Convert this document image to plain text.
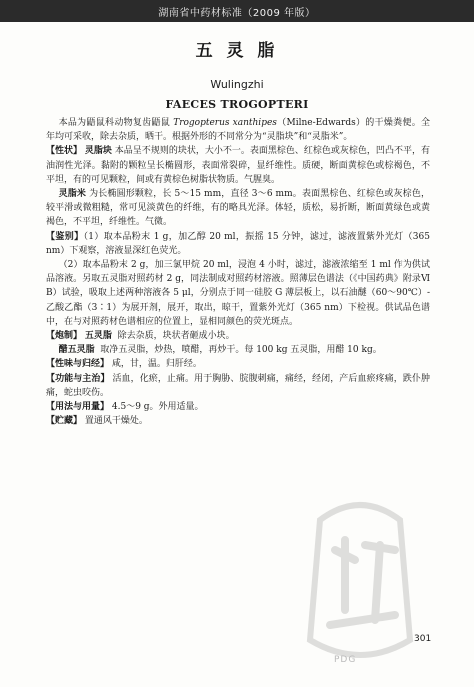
湖南省中药材标准（2009 年版）
五 灵 脂
Wulingzhi
FAECES TROGOPTERI

本品为鼯鼠科动物复齿鼯鼠 Trogopterus xanthipes（Milne-Edwards）的干燥粪便。全年均可采收，除去杂质，晒干。根据外形的不同常分为“灵脂块”和“灵脂米”。

【性状】 灵脂块 本品呈不规则的块状，大小不一。表面黑棕色、红棕色或灰棕色，凹凸不平，有油润性光泽。黏附的颗粒呈长椭圆形，表面常裂碎，显纤维性。质硬，断面黄棕色或棕褐色，不平坦，有的可见颗粒，间或有黄棕色树脂状物质。气腥臭。

灵脂米 为长椭圆形颗粒，长 5～15 mm，直径 3～6 mm。表面黑棕色、红棕色或灰棕色，较平滑或微粗糙，常可见淡黄色的纤维，有的略具光泽。体轻，质松，易折断，断面黄绿色或黄褐色，不平坦，纤维性。气微。

【鉴别】（1）取本品粉末 1 g，加乙醇 20 ml，振摇 15 分钟，滤过，滤液置紫外光灯（365 nm）下观察，溶液显深红色荧光。

（2）取本品粉末 2 g，加三氯甲烷 20 ml，浸泡 4 小时，滤过，滤液浓缩至 1 ml 作为供试品溶液。另取五灵脂对照药材 2 g，同法制成对照药材溶液。照薄层色谱法（《中国药典》附录Ⅵ B）试验，吸取上述两种溶液各 5 μl，分别点于同一硅胶 G 薄层板上，以石油醚（60～90℃）-乙酸乙酯（3∶1）为展开剂，展开，取出，晾干，置紫外光灯（365 nm）下检视。供试品色谱中，在与对照药材色谱相应的位置上，显相同颜色的荧光斑点。

【炮制】 五灵脂 除去杂质，块状者砸成小块。

醋五灵脂 取净五灵脂，炒热，喷醋，再炒干。每 100 kg 五灵脂，用醋 10 kg。

【性味与归经】 咸，甘，温。归肝经。

【功能与主治】 活血，化瘀，止痛。用于胸胁、脘腹刺痛，痛经，经闭，产后血瘀疼痛，跌仆肿痛，蛇虫咬伤。

【用法与用量】 4.5～9 g。外用适量。

【贮藏】 置通风干燥处。

PDG
301
